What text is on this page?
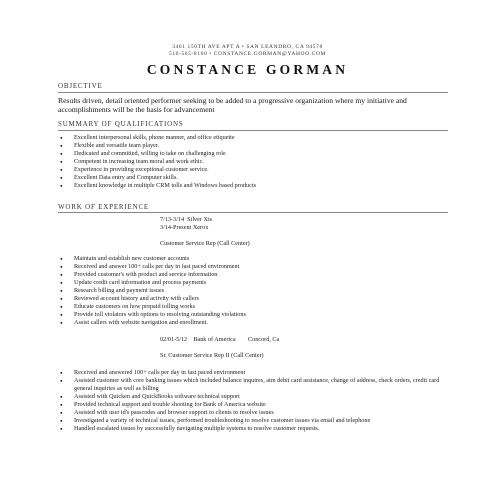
3461 150TH AVE APT A • SAN LEANDRO, CA 94578
510-565-8160 • CONSTANCE.GORMAN@YAHOO.COM
CONSTANCE GORMAN
OBJECTIVE
Results driven, detail oriented performer seeking to be added to a progressive organization where my initiative and accomplishments will be the basis for advancement
SUMMARY OF QUALIFICATIONS
● Excellent interpersonal skills, phone manner, and office etiquette
● Flexible and versatile team player.
● Dedicated and committed, willing to take on challenging role
● Competent in increasing team moral and work ethic.
● Experience in providing exceptional customer service.
● Excellent Data entry and Computer skills.
● Excellent knowledge in multiple CRM tolls and Windows based products
WORK OF EXPERIENCE
7/13-3/14  Silver Xis
3/14-Present Xerox
Customer Service Rep (Call Center)
● Maintain and establish new customer accounts
● Received and answer 100+ calls per day in fast paced environment
● Provided customer's with product and service information
● Update credit card information and process payments
● Research billing and payment issues
● Reviewed account history and activity with callers
● Educate customers on how prepaid tolling works
● Provide toll violators with options to resolving outstanding violations
● Assist callers with website navigation and enrollment.
02/01-5/12    Bank of America        Concord, Ca
Sr. Customer Service Rep II (Call Center)
● Received and answered 100+ calls per day in fast paced environment
● Assisted customer with core banking issues which included balance inquires, atm debit card assistance, change of address, check orders, credit card general inquiries as well as billing
● Assisted with Quicken and QuickBooks software technical support
● Provided technical support and trouble shooting for Bank of America website
● Assisted with user id's passcodes and browser support to clients to resolve issues
● Investigated a variety of technical issues, performed troubleshooting to resolve customer issues via email and telephone
● Handled escalated issues by successfully navigating multiple systems to resolve customer requests.
